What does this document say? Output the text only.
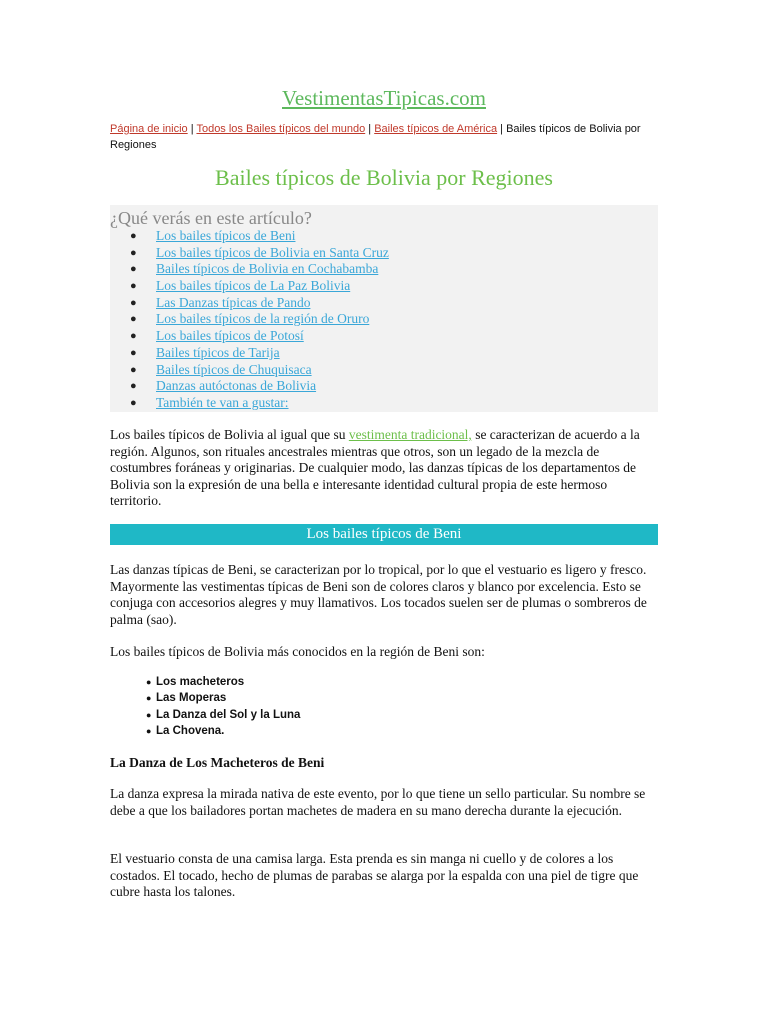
VestimentasTipicas.com
Página de inicio | Todos los Bailes típicos del mundo | Bailes típicos de América | Bailes típicos de Bolivia por Regiones
Bailes típicos de Bolivia por Regiones
¿Qué verás en este artículo?
● Los bailes típicos de Beni
● Los bailes típicos de Bolivia en Santa Cruz
● Bailes típicos de Bolivia en Cochabamba
● Los bailes típicos de La Paz Bolivia
● Las Danzas típicas de Pando
● Los bailes típicos de la región de Oruro
● Los bailes típicos de Potosí
● Bailes típicos de Tarija
● Bailes típicos de Chuquisaca
● Danzas autóctonas de Bolivia
● También te van a gustar:
Los bailes típicos de Bolivia al igual que su vestimenta tradicional, se caracterizan de acuerdo a la región. Algunos, son rituales ancestrales mientras que otros, son un legado de la mezcla de costumbres foráneas y originarias. De cualquier modo, las danzas típicas de los departamentos de Bolivia son la expresión de una bella e interesante identidad cultural propia de este hermoso territorio.
Los bailes típicos de Beni
Las danzas típicas de Beni, se caracterizan por lo tropical, por lo que el vestuario es ligero y fresco. Mayormente las vestimentas típicas de Beni son de colores claros y blanco por excelencia. Esto se conjuga con accesorios alegres y muy llamativos. Los tocados suelen ser de plumas o sombreros de palma (sao).
Los bailes típicos de Bolivia más conocidos en la región de Beni son:
● Los macheteros
● Las Moperas
● La Danza del Sol y la Luna
● La Chovena.
La Danza de Los Macheteros de Beni
La danza expresa la mirada nativa de este evento, por lo que tiene un sello particular. Su nombre se debe a que los bailadores portan machetes de madera en su mano derecha durante la ejecución.
El vestuario consta de una camisa larga. Esta prenda es sin manga ni cuello y de colores a los costados. El tocado, hecho de plumas de parabas se alarga por la espalda con una piel de tigre que cubre hasta los talones.
